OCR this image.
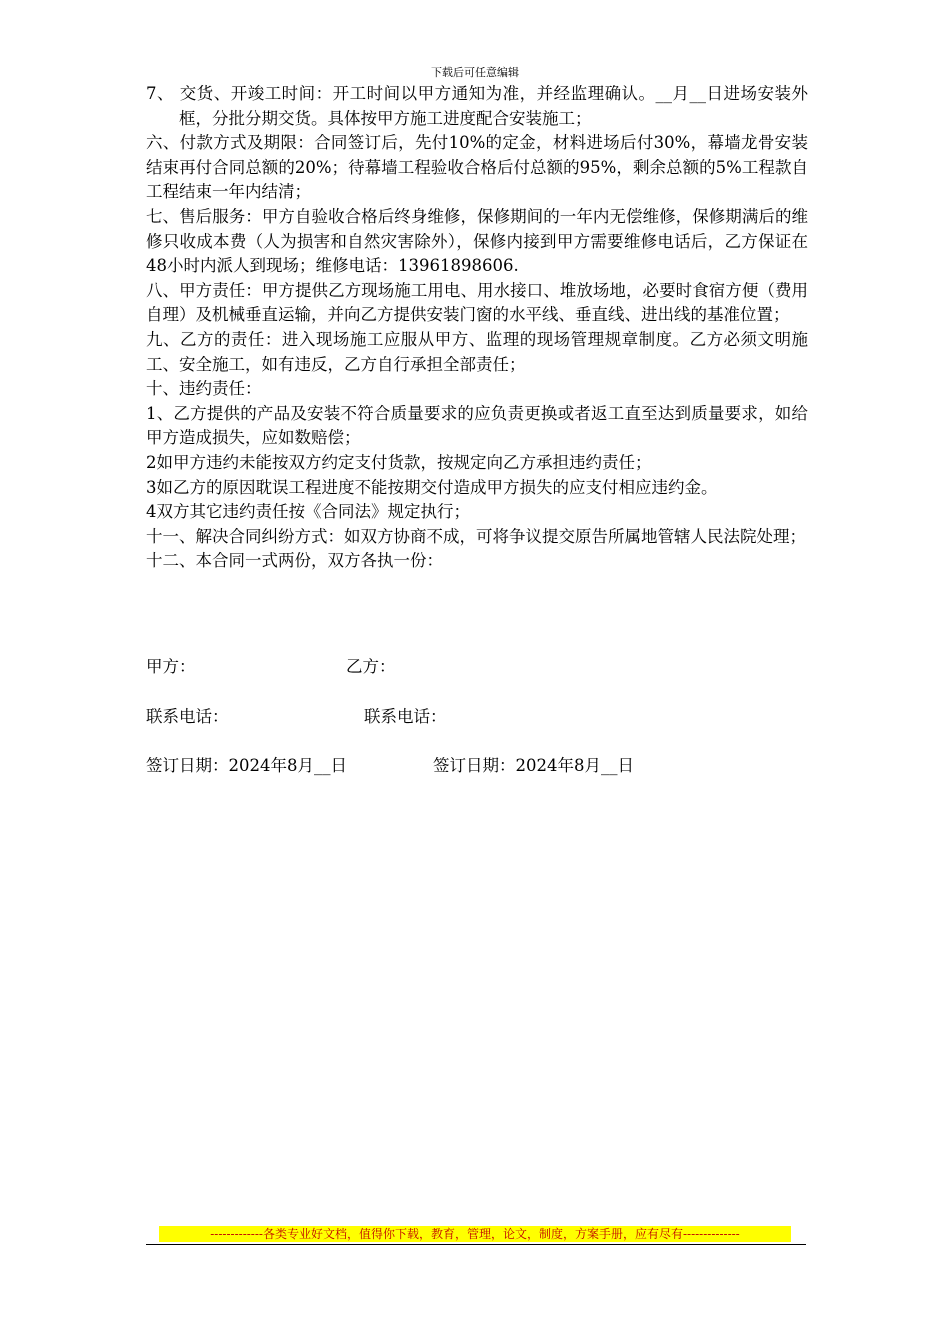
下载后可任意编辑

7、 交货、开竣工时间：开工时间以甲方通知为准，并经监理确认。__月__日进场安装外框，分批分期交货。具体按甲方施工进度配合安装施工；

六、付款方式及期限：合同签订后，先付10%的定金，材料进场后付30%，幕墙龙骨安装结束再付合同总额的20%；待幕墙工程验收合格后付总额的95%，剩余总额的5%工程款自工程结束一年内结清；

七、售后服务：甲方自验收合格后终身维修，保修期间的一年内无偿维修，保修期满后的维修只收成本费（人为损害和自然灾害除外），保修内接到甲方需要维修电话后，乙方保证在48小时内派人到现场；维修电话：13961898606.

八、甲方责任：甲方提供乙方现场施工用电、用水接口、堆放场地，必要时食宿方便（费用自理）及机械垂直运输，并向乙方提供安装门窗的水平线、垂直线、进出线的基准位置；

九、乙方的责任：进入现场施工应服从甲方、监理的现场管理规章制度。乙方必须文明施工、安全施工，如有违反，乙方自行承担全部责任；

十、违约责任：

1、乙方提供的产品及安装不符合质量要求的应负责更换或者返工直至达到质量要求，如给甲方造成损失，应如数赔偿；

2如甲方违约未能按双方约定支付货款，按规定向乙方承担违约责任；

3如乙方的原因耽误工程进度不能按期交付造成甲方损失的应支付相应违约金。

4双方其它违约责任按《合同法》规定执行；

十一、解决合同纠纷方式：如双方协商不成，可将争议提交原告所属地管辖人民法院处理；

十二、本合同一式两份，双方各执一份：

甲方：	乙方：
联系电话：	联系电话：
签订日期：2024年8月__日	签订日期：2024年8月__日
-------------各类专业好文档，值得你下载，教育，管理，论文，制度，方案手册，应有尽有--------------
